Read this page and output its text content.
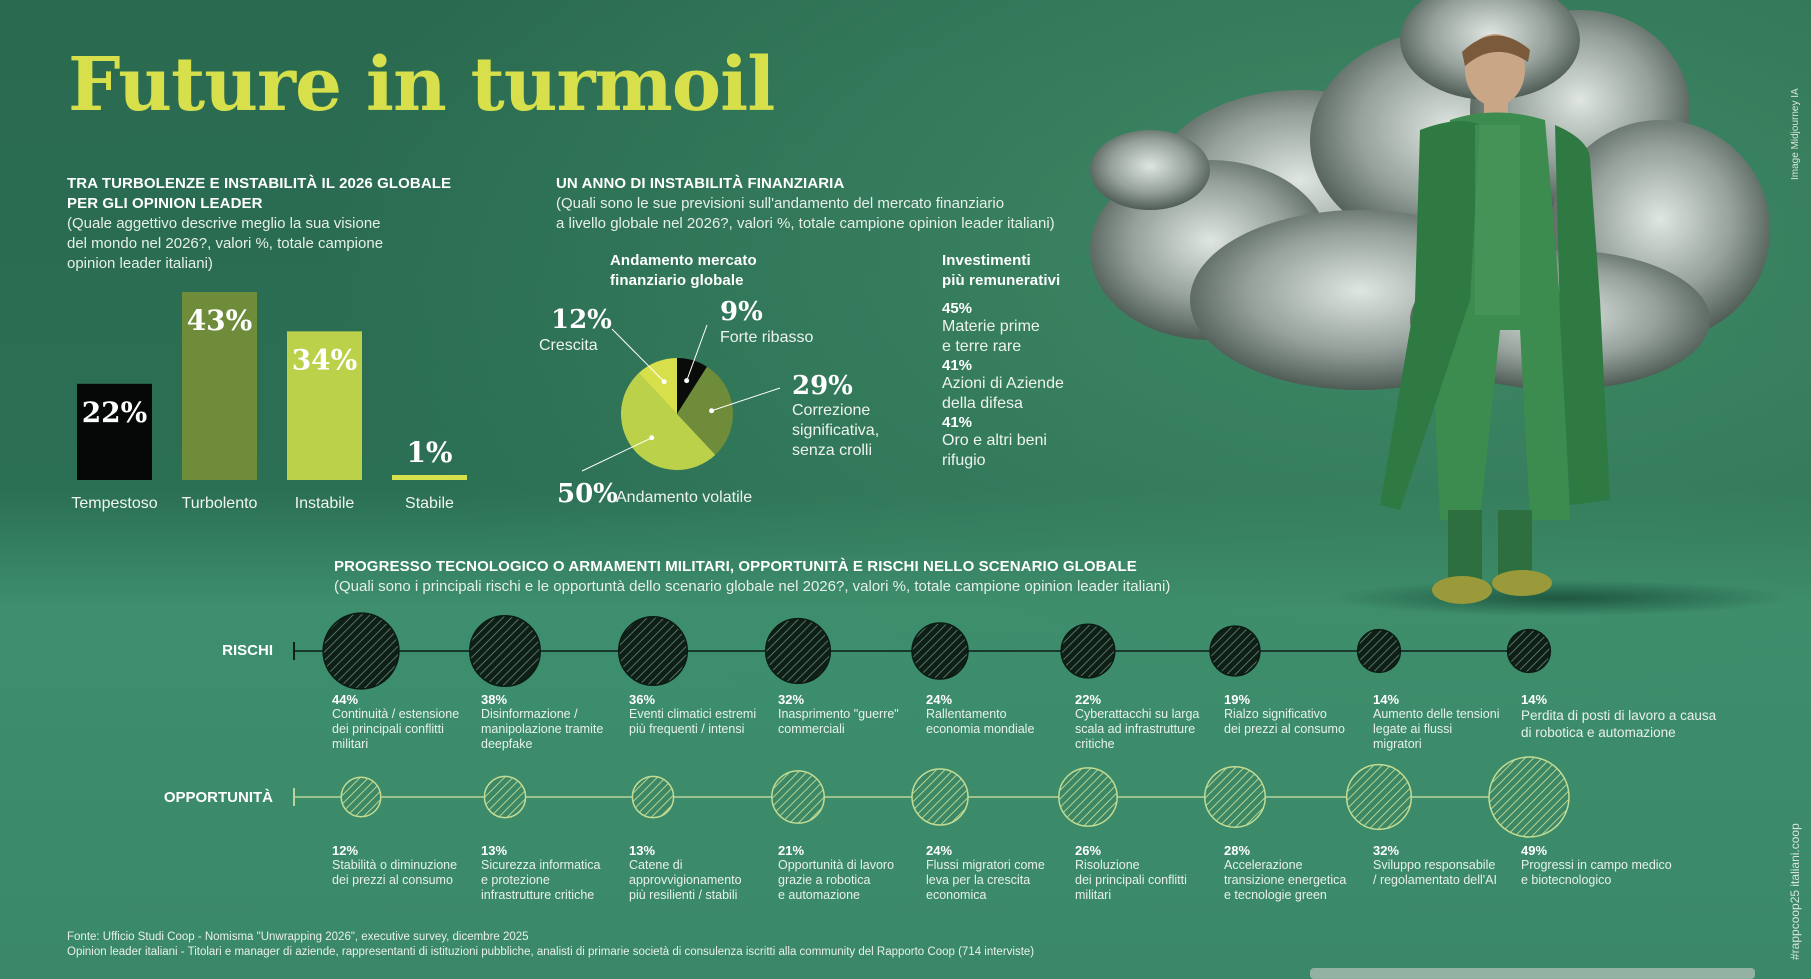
Future in turmoil
TRA TURBOLENZE E INSTABILITÀ IL 2026 GLOBALE
PER GLI OPINION LEADER
(Quale aggettivo descrive meglio la sua visione
del mondo nel 2026?, valori %, totale campione
opinion leader italiani)
22%
Tempestoso
43%
Turbolento
34%
Instabile
1%
Stabile
UN ANNO DI INSTABILITÀ FINANZIARIA
(Quali sono le sue previsioni sull'andamento del mercato finanziario
a livello globale nel 2026?, valori %, totale campione opinion leader italiani)
Andamento mercato
finanziario globale
12%
Crescita
9%
Forte ribasso
29%
Correzione
significativa,
senza crolli
50%
Andamento volatile
Investimenti
più remunerativi
45%
Materie prime
e terre rare
41%
Azioni di Aziende
della difesa
41%
Oro e altri beni
rifugio
PROGRESSO TECNOLOGICO O ARMAMENTI MILITARI, OPPORTUNITÀ E RISCHI NELLO SCENARIO GLOBALE
(Quali sono i principali rischi e le opportuntà dello scenario globale nel 2026?, valori %, totale campione opinion leader italiani)
RISCHI
OPPORTUNITÀ
44%
Continuità / estensione
dei principali conflitti
militari
38%
Disinformazione /
manipolazione tramite
deepfake
36%
Eventi climatici estremi
più frequenti / intensi
32%
Inasprimento "guerre"
commerciali
24%
Rallentamento
economia mondiale
22%
Cyberattacchi su larga
scala ad infrastrutture
critiche
19%
Rialzo significativo
dei prezzi al consumo
14%
Aumento delle tensioni
legate ai flussi
migratori
14%
Perdita di posti di lavoro a causa
di robotica e automazione
12%
Stabilità o diminuzione
dei prezzi al consumo
13%
Sicurezza informatica
e protezione
infrastrutture critiche
13%
Catene di
approvvigionamento
più resilienti / stabili
21%
Opportunità di lavoro
grazie a robotica
e automazione
24%
Flussi migratori come
leva per la crescita
economica
26%
Risoluzione
dei principali conflitti
militari
28%
Accelerazione
transizione energetica
e tecnologie green
32%
Sviluppo responsabile
/ regolamentato dell'AI
49%
Progressi in campo medico
e biotecnologico
Fonte: Ufficio Studi Coop - Nomisma "Unwrapping 2026", executive survey, dicembre 2025
Opinion leader italiani - Titolari e manager di aziende, rappresentanti di istituzioni pubbliche, analisti di primarie società di consulenza iscritti alla community del Rapporto Coop (714 interviste)
Image Midjourney IA
#rappcoop25 italiani.coop
